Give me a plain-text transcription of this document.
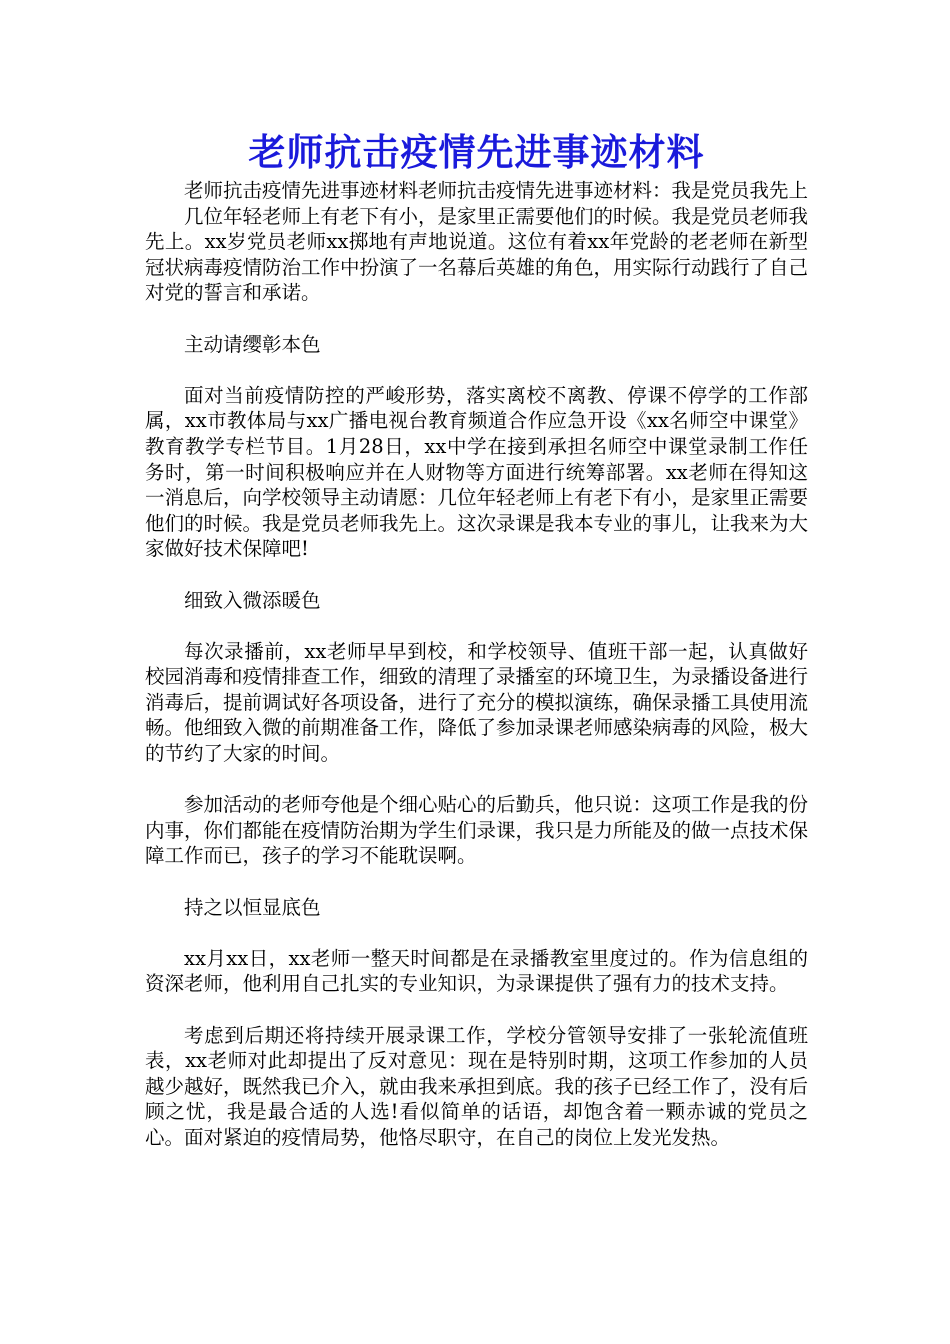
老师抗击疫情先进事迹材料

老师抗击疫情先进事迹材料老师抗击疫情先进事迹材料：我是党员我先上

几位年轻老师上有老下有小，是家里正需要他们的时候。我是党员老师我先上。xx岁党员老师xx掷地有声地说道。这位有着xx年党龄的老老师在新型冠状病毒疫情防治工作中扮演了一名幕后英雄的角色，用实际行动践行了自己对党的誓言和承诺。

主动请缨彰本色

面对当前疫情防控的严峻形势，落实离校不离教、停课不停学的工作部属，xx市教体局与xx广播电视台教育频道合作应急开设《xx名师空中课堂》教育教学专栏节目。1月28日，xx中学在接到承担名师空中课堂录制工作任务时，第一时间积极响应并在人财物等方面进行统筹部署。xx老师在得知这一消息后，向学校领导主动请愿：几位年轻老师上有老下有小，是家里正需要他们的时候。我是党员老师我先上。这次录课是我本专业的事儿，让我来为大家做好技术保障吧!

细致入微添暖色

每次录播前，xx老师早早到校，和学校领导、值班干部一起，认真做好校园消毒和疫情排查工作，细致的清理了录播室的环境卫生，为录播设备进行消毒后，提前调试好各项设备，进行了充分的模拟演练，确保录播工具使用流畅。他细致入微的前期准备工作，降低了参加录课老师感染病毒的风险，极大的节约了大家的时间。

参加活动的老师夸他是个细心贴心的后勤兵，他只说：这项工作是我的份内事，你们都能在疫情防治期为学生们录课，我只是力所能及的做一点技术保障工作而已，孩子的学习不能耽误啊。

持之以恒显底色

xx月xx日，xx老师一整天时间都是在录播教室里度过的。作为信息组的资深老师，他利用自己扎实的专业知识，为录课提供了强有力的技术支持。

考虑到后期还将持续开展录课工作，学校分管领导安排了一张轮流值班表，xx老师对此却提出了反对意见：现在是特别时期，这项工作参加的人员越少越好，既然我已介入，就由我来承担到底。我的孩子已经工作了，没有后顾之忧，我是最合适的人选!看似简单的话语，却饱含着一颗赤诚的党员之心。面对紧迫的疫情局势，他恪尽职守，在自己的岗位上发光发热。
